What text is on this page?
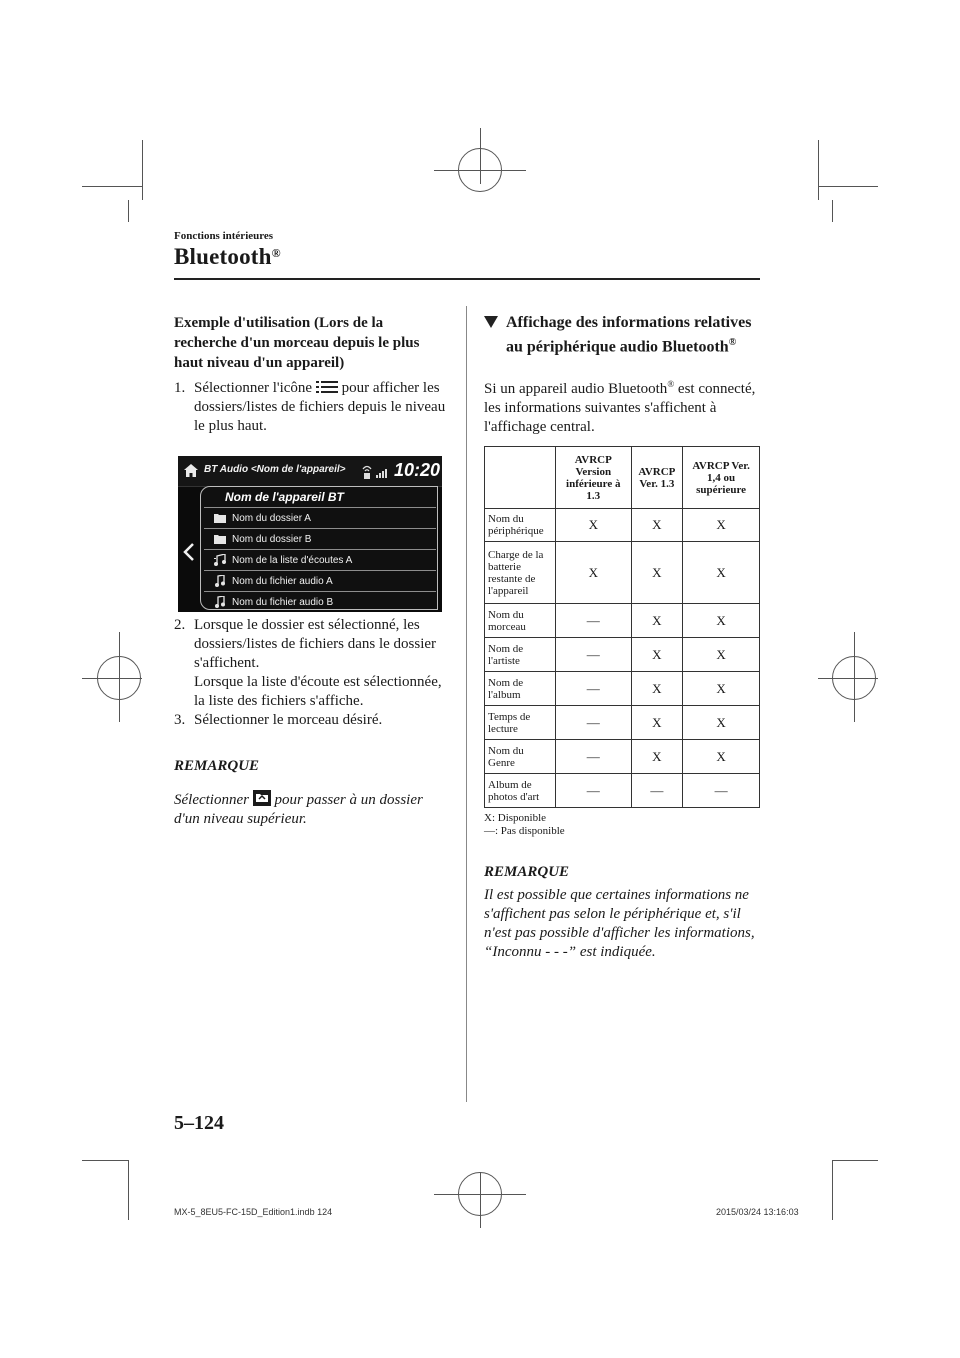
Fonctions intérieures
Bluetooth®
Exemple d'utilisation (Lors de la recherche d'un morceau depuis le plus haut niveau d'un appareil)
1. Sélectionner l'icône pour afficher les dossiers/listes de fichiers depuis le niveau le plus haut.
BT Audio <Nom de l'appareil>	10:20
Nom de l'appareil BT
Nom du dossier A
Nom du dossier B
Nom de la liste d'écoutes A
Nom du fichier audio A
Nom du fichier audio B
2. Lorsque le dossier est sélectionné, les dossiers/listes de fichiers dans le dossier s'affichent.
Lorsque la liste d'écoute est sélectionnée, la liste des fichiers s'affiche.
3. Sélectionner le morceau désiré.
REMARQUE
Sélectionner pour passer à un dossier d'un niveau supérieur.
Affichage des informations relatives au périphérique audio Bluetooth®
Si un appareil audio Bluetooth® est connecté, les informations suivantes s'affichent à l'affichage central.
	AVRCP Version inférieure à 1.3	AVRCP Ver. 1.3	AVRCP Ver. 1,4 ou supérieure
Nom du périphérique	X	X	X
Charge de la batterie restante de l'appareil	X	X	X
Nom du morceau	—	X	X
Nom de l'artiste	—	X	X
Nom de l'album	—	X	X
Temps de lecture	—	X	X
Nom du Genre	—	X	X
Album de photos d'art	—	—	—
X: Disponible
—: Pas disponible
REMARQUE
Il est possible que certaines informations ne s'affichent pas selon le périphérique et, s'il n'est pas possible d'afficher les informations, “Inconnu - - -” est indiquée.
5–124
MX-5_8EU5-FC-15D_Edition1.indb 124	2015/03/24 13:16:03
